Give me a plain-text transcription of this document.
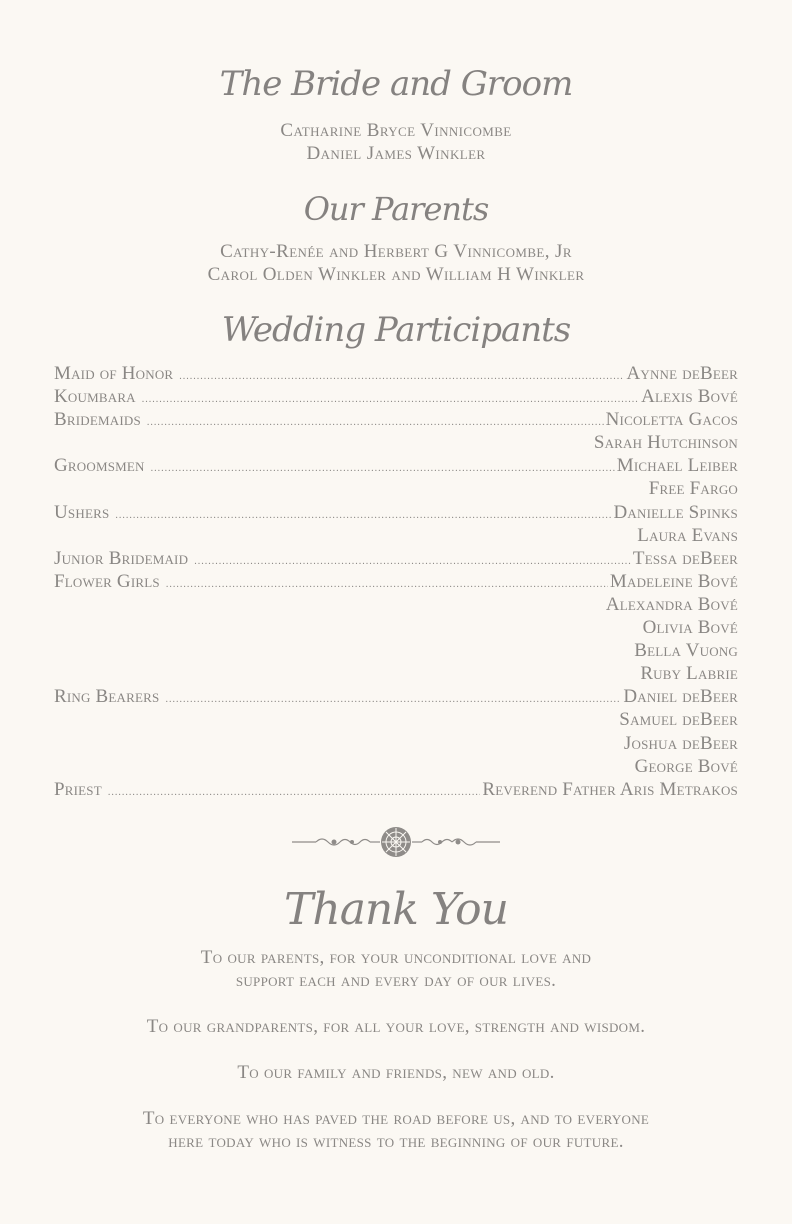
The Bride and Groom
Catharine Bryce Vinnicombe
Daniel James Winkler
Our Parents
Cathy-Renée and Herbert G Vinnicombe, Jr
Carol Olden Winkler and William H Winkler
Wedding Participants
Maid of Honor .....	Aynne deBeer
Koumbara .....	Alexis Bové
Bridemaids .....	Nicoletta Gacos
Sarah Hutchinson
Groomsmen .....	Michael Leiber
Free Fargo
Ushers .....	Danielle Spinks
Laura Evans
Junior Bridemaid .....	Tessa deBeer
Flower Girls .....	Madeleine Bové
Alexandra Bové
Olivia Bové
Bella Vuong
Ruby Labrie
Ring Bearers .....	Daniel deBeer
Samuel deBeer
Joshua deBeer
George Bové
Priest .....	Reverend Father Aris Metrakos
Thank You

To our parents, for your unconditional love and
support each and every day of our lives.

To our grandparents, for all your love, strength and wisdom.

To our family and friends, new and old.

To everyone who has paved the road before us, and to everyone
here today who is witness to the beginning of our future.
